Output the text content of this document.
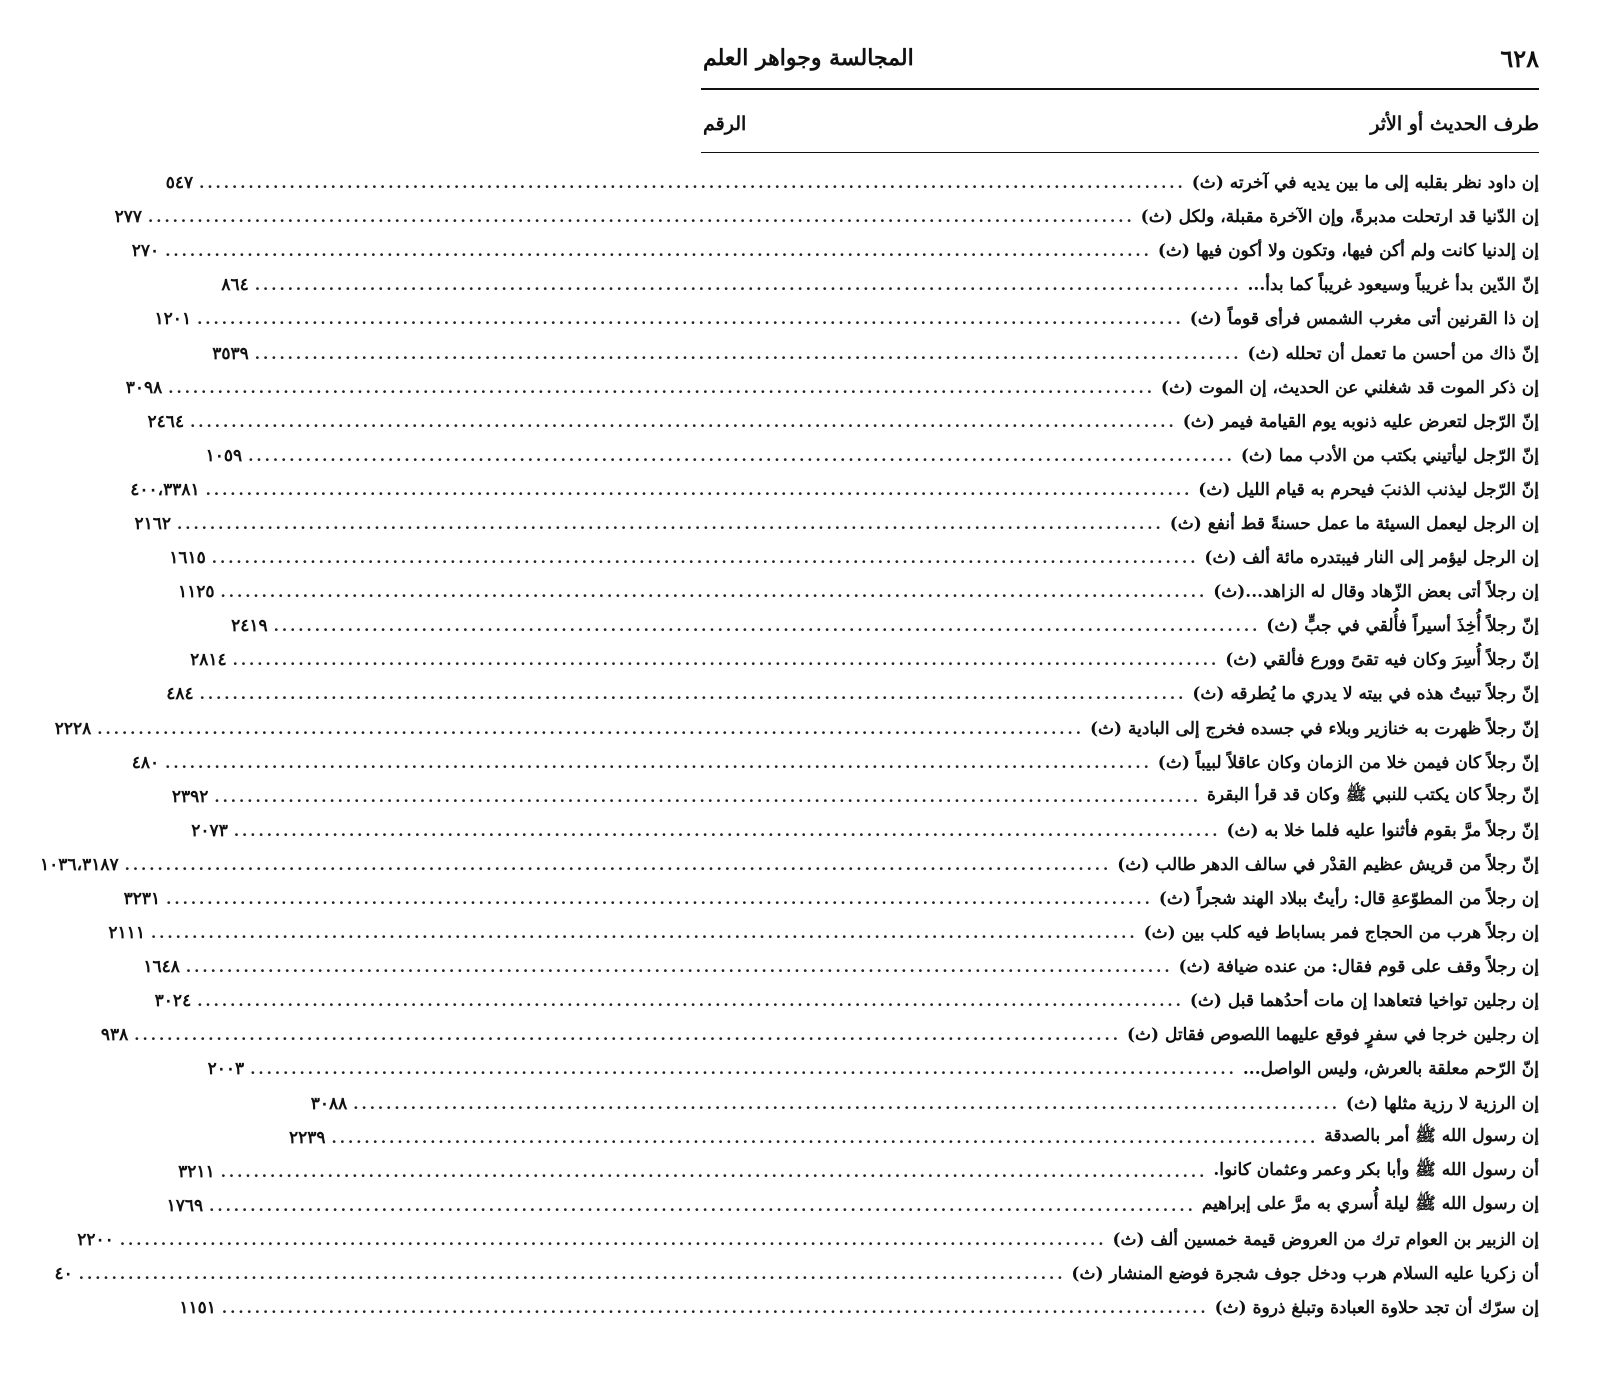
٦٢٨
المجالسة وجواهر العلم
طرف الحديث أو الأثر
الرقم
إن داود نظر بقلبه إلى ما بين يديه في آخرته (ث)
........................................................................................................................
٥٤٧
إن الدّنيا قد ارتحلت مدبرةً، وإن الآخرة مقبلة، ولكل (ث)
........................................................................................................................
٢٧٧
إن إلدنيا كانت ولم أكن فيها، وتكون ولا أكون فيها (ث)
........................................................................................................................
٢٧٠
إنّ الدّين بدأ غريباً وسيعود غريباً كما بدأ...
........................................................................................................................
٨٦٤
إن ذا القرنين أتى مغرب الشمس فرأى قوماً (ث)
........................................................................................................................
١٢٠١
إنّ ذاك من أحسن ما تعمل أن تحلله (ث)
........................................................................................................................
٣٥٣٩
إن ذكر الموت قد شغلني عن الحديث، إن الموت (ث)
........................................................................................................................
٣٠٩٨
إنّ الرّجل لتعرض عليه ذنوبه يوم القيامة فيمر (ث)
........................................................................................................................
٢٤٦٤
إنّ الرّجل ليأتيني بكتب من الأدب مما (ث)
........................................................................................................................
١٠٥٩
إنّ الرّجل ليذنب الذنبَ فيحرم به قيام الليل (ث)
........................................................................................................................
٤٠٠،٣٣٨١
إن الرجل ليعمل السيئة ما عمل حسنةً قط أنفع (ث)
........................................................................................................................
٢١٦٢
إن الرجل ليؤمر إلى النار فيبتدره مائة ألف (ث)
........................................................................................................................
١٦١٥
إن رجلاً أتى بعض الزّهاد وقال له الزاهد...(ث)
........................................................................................................................
١١٢٥
إنّ رجلاً أُخِذَ أسيراً فأُلقي في جبٍّ (ث)
........................................................................................................................
٢٤١٩
إنّ رجلاً أُسِرَ وكان فيه تقىً وورع فألقي (ث)
........................................................................................................................
٢٨١٤
إنّ رجلاً تبيتُ هذه في بيته لا يدري ما يُطرقه (ث)
........................................................................................................................
٤٨٤
إنّ رجلاً ظهرت به خنازير وبلاء في جسده فخرج إلى البادية (ث)
........................................................................................................................
٢٢٢٨
إنّ رجلاً كان فيمن خلا من الزمان وكان عاقلاً لبيباً (ث)
........................................................................................................................
٤٨٠
إنّ رجلاً كان يكتب للنبي ﷺ وكان قد قرأ البقرة
........................................................................................................................
٢٣٩٢
إنّ رجلاً مرَّ بقوم فأثنوا عليه فلما خلا به (ث)
........................................................................................................................
٢٠٧٣
إنّ رجلاً من قريش عظيم القدْر في سالف الدهر طالب (ث)
........................................................................................................................
١٠٣٦،٣١٨٧
إن رجلاً من المطوّعةِ قال: رأيتُ ببلاد الهند شجراً (ث)
........................................................................................................................
٣٢٣١
إن رجلاً هرب من الحجاج فمر بساباط فيه كلب بين (ث)
........................................................................................................................
٢١١١
إن رجلاً وقف على قوم فقال: من عنده ضيافة (ث)
........................................................................................................................
١٦٤٨
إن رجلين تواخيا فتعاهدا إن مات أحدُهما قبل (ث)
........................................................................................................................
٣٠٢٤
إن رجلين خرجا في سفرٍ فوقع عليهما اللصوص فقاتل (ث)
........................................................................................................................
٩٣٨
إنّ الرّحم معلقة بالعرش، وليس الواصل...
........................................................................................................................
٢٠٠٣
إن الرزية لا رزية مثلها (ث)
........................................................................................................................
٣٠٨٨
إن رسول الله ﷺ أمر بالصدقة
........................................................................................................................
٢٢٣٩
أن رسول الله ﷺ وأبا بكر وعمر وعثمان كانوا.
........................................................................................................................
٣٢١١
إن رسول الله ﷺ ليلة أُسري به مرَّ على إبراهيم
........................................................................................................................
١٧٦٩
إن الزبير بن العوام ترك من العروض قيمة خمسين ألف (ث)
........................................................................................................................
٢٢٠٠
أن زكريا عليه السلام هرب ودخل جوف شجرة فوضع المنشار (ث)
........................................................................................................................
٤٠
إن سرّك أن تجد حلاوة العبادة وتبلغ ذروة (ث)
........................................................................................................................
١١٥١
